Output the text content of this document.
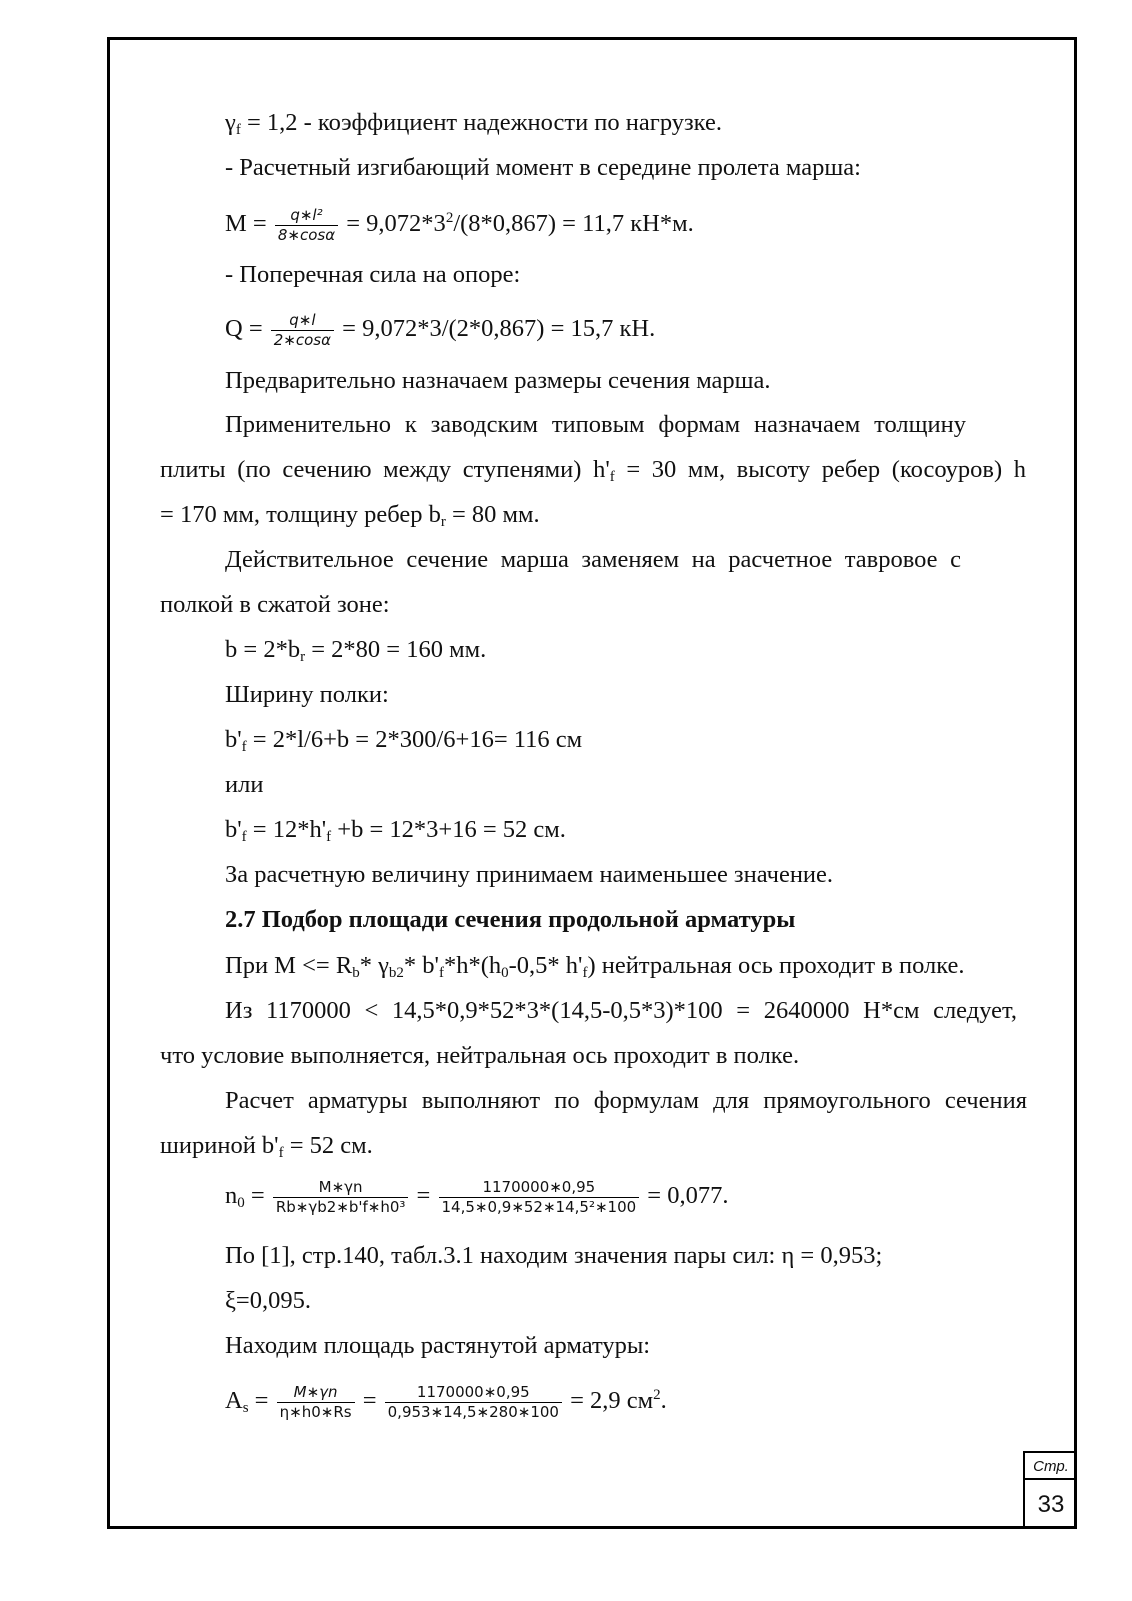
$\gamma_f = 1,2$ - коэффициент надежности по нагрузке.
- Расчетный изгибающий момент в середине пролета марша:
$M = \frac{\text{q∗l²}}{8∗\cos\alpha} = 9,072*3^2/(8*0,867) = 11,7$ кН*м.
- Поперечная сила на опоре:
$Q = \frac{q∗l}{2∗\cos\alpha} = 9,072*3/(2*0,867) = 15,7$ кН.
Предварительно назначаем размеры сечения марша.
Применительно к заводским типовым формам назначаем толщину
плиты (по сечению между ступенями) $h'_f = 30$ мм, высоту ребер (косоуров) h
= 170 мм, толщину ребер $b_r = 80$ мм.
Действительное сечение марша заменяем на расчетное тавровое с
полкой в сжатой зоне:
$b = 2*b_r = 2*80 = 160$ мм.
Ширину полки:
$b'_f = 2*l/6+b = 2*300/6+16= 116$ см
или
$b'_f = 12*h'_f +b = 12*3+16 = 52$ см.
За расчетную величину принимаем наименьшее значение.
2.7 Подбор площади сечения продольной арматуры
При $M <= R_b*$ $\gamma_{b2}*$ $b'_f*h*(h_0-0,5*$ $h'_f$) нейтральная ось проходит в полке.
Из 1170000 < 14,5*0,9*52*3*(14,5-0,5*3)*100 = 2640000 Н*см следует,
что условие выполняется, нейтральная ось проходит в полке.
Расчет арматуры выполняют по формулам для прямоугольного сечения
шириной $b'_f = 52$ см.
$n_0 = \frac{M∗\gamma n}{\text{Rb∗γb2∗b'f∗h0³}} = \frac{1170000∗0,95}{\text{14,5∗0,9∗52∗14,5²∗100}} = 0,077$.
По [1], стр.140, табл.3.1 находим значения пары сил: η = 0,953;
ξ=0,095.
Находим площадь растянутой арматуры:
$A_s = \frac{M∗\gamma n}{\eta∗h0∗Rs} = \frac{1170000∗0,95}{0,953∗14,5∗280∗100} = 2,9$ $см^2$.
Стр.
33
